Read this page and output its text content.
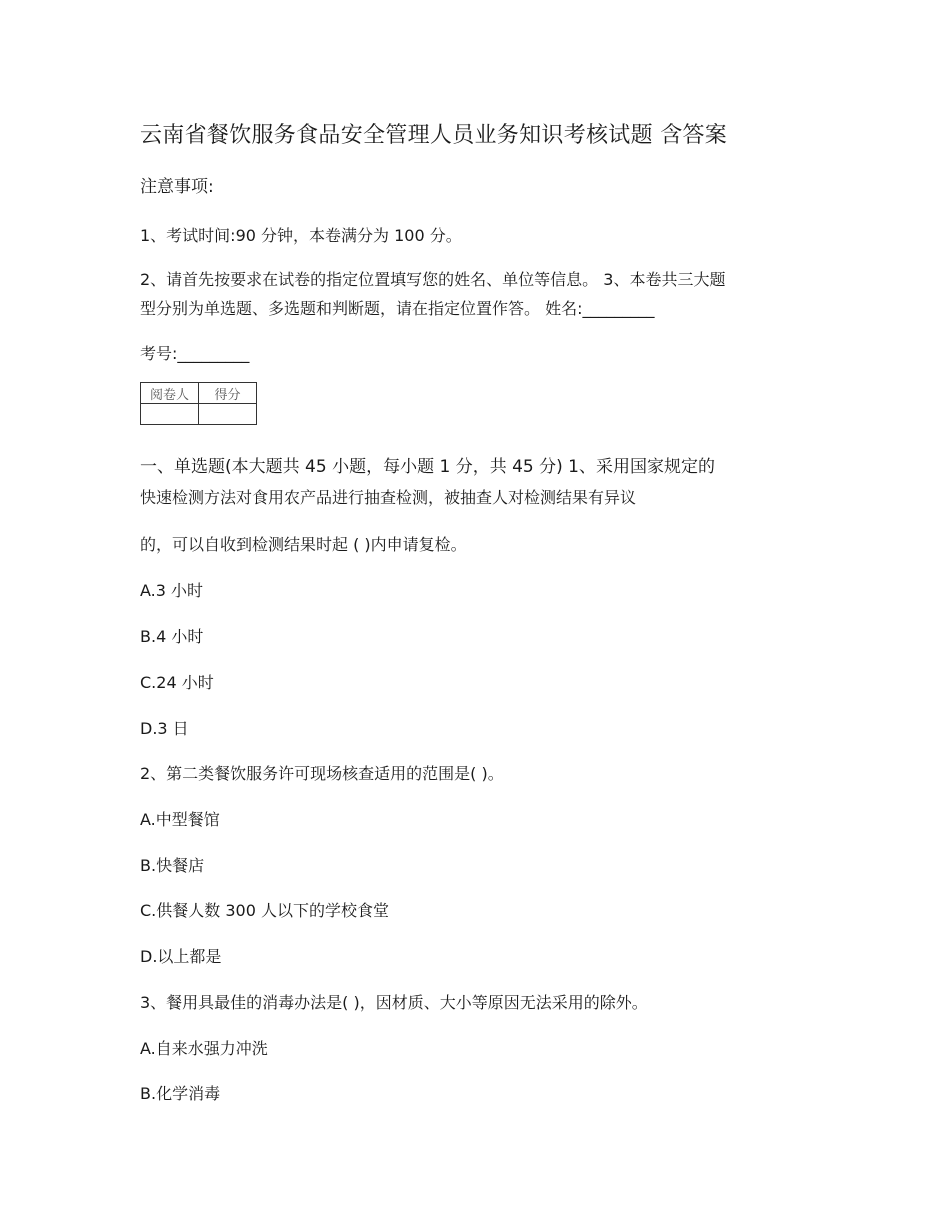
云南省餐饮服务食品安全管理人员业务知识考核试题 含答案
注意事项:
1、考试时间:90 分钟，本卷满分为 100 分。
2、请首先按要求在试卷的指定位置填写您的姓名、单位等信息。 3、本卷共三大题
型分别为单选题、多选题和判断题，请在指定位置作答。 姓名:_________
考号:_________
阅卷人	得分

一、单选题(本大题共 45 小题，每小题 1 分，共 45 分) 1、采用国家规定的
快速检测方法对食用农产品进行抽查检测，被抽查人对检测结果有异议
的，可以自收到检测结果时起 ( )内申请复检。
A.3 小时
B.4 小时
C.24 小时
D.3 日
2、第二类餐饮服务许可现场核查适用的范围是( )。
A.中型餐馆
B.快餐店
C.供餐人数 300 人以下的学校食堂
D.以上都是
3、餐用具最佳的消毒办法是( )，因材质、大小等原因无法采用的除外。
A.自来水强力冲洗
B.化学消毒
